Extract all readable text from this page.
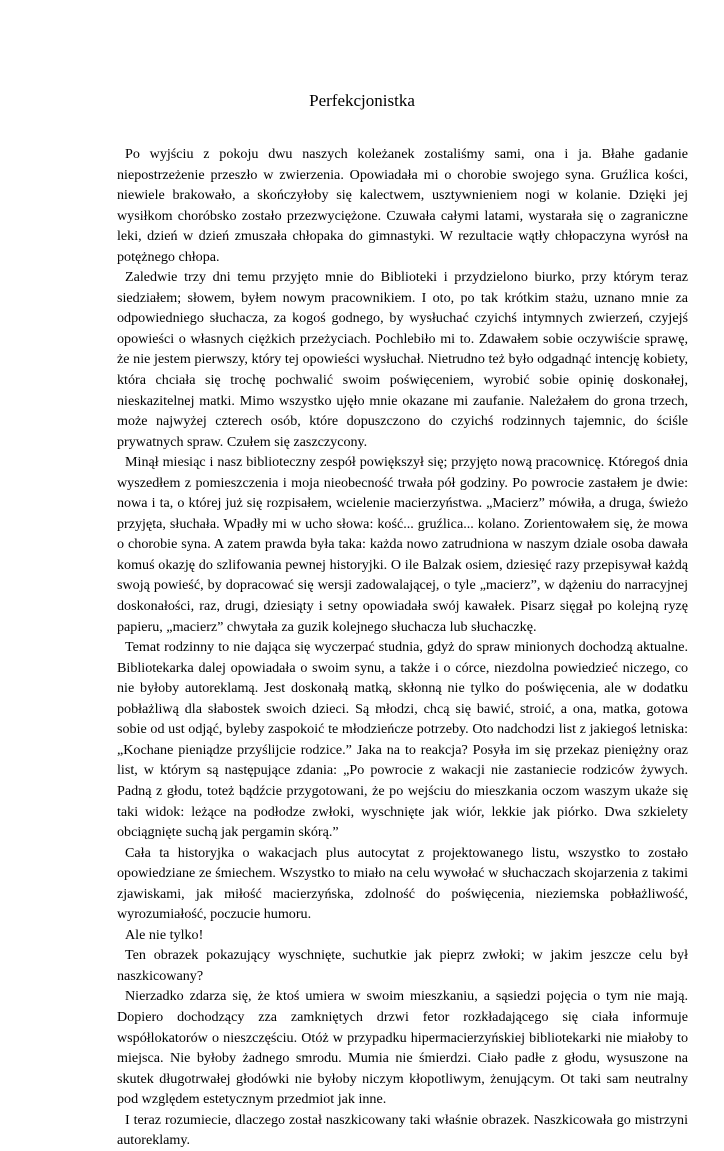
Perfekcjonistka

Po wyjściu z pokoju dwu naszych koleżanek zostaliśmy sami, ona i ja. Błahe gadanie niepostrzeżenie przeszło w zwierzenia. Opowiadała mi o chorobie swojego syna. Gruźlica kości, niewiele brakowało, a skończyłoby się kalectwem, usztywnieniem nogi w kolanie. Dzięki jej wysiłkom choróbsko zostało przezwyciężone. Czuwała całymi latami, wystarała się o zagraniczne leki, dzień w dzień zmuszała chłopaka do gimnastyki. W rezultacie wątły chłopaczyna wyrósł na potężnego chłopa.

Zaledwie trzy dni temu przyjęto mnie do Biblioteki i przydzielono biurko, przy którym teraz siedziałem; słowem, byłem nowym pracownikiem. I oto, po tak krótkim stażu, uznano mnie za odpowiedniego słuchacza, za kogoś godnego, by wysłuchać czyichś intymnych zwierzeń, czyjejś opowieści o własnych ciężkich przeżyciach. Pochlebiło mi to. Zdawałem sobie oczywiście sprawę, że nie jestem pierwszy, który tej opowieści wysłuchał. Nietrudno też było odgadnąć intencję kobiety, która chciała się trochę pochwalić swoim poświęceniem, wyrobić sobie opinię doskonałej, nieskazitelnej matki. Mimo wszystko ujęło mnie okazane mi zaufanie. Należałem do grona trzech, może najwyżej czterech osób, które dopuszczono do czyichś rodzinnych tajemnic, do ściśle prywatnych spraw. Czułem się zaszczycony.

Minął miesiąc i nasz biblioteczny zespół powiększył się; przyjęto nową pracownicę. Któregoś dnia wyszedłem z pomieszczenia i moja nieobecność trwała pół godziny. Po powrocie zastałem je dwie: nowa i ta, o której już się rozpisałem, wcielenie macierzyństwa. „Macierz” mówiła, a druga, świeżo przyjęta, słuchała. Wpadły mi w ucho słowa: kość... gruźlica... kolano. Zorientowałem się, że mowa o chorobie syna. A zatem prawda była taka: każda nowo zatrudniona w naszym dziale osoba dawała komuś okazję do szlifowania pewnej historyjki. O ile Balzak osiem, dziesięć razy przepisywał każdą swoją powieść, by dopracować się wersji zadowalającej, o tyle „macierz”, w dążeniu do narracyjnej doskonałości, raz, drugi, dziesiąty i setny opowiadała swój kawałek. Pisarz sięgał po kolejną ryzę papieru, „macierz” chwytała za guzik kolejnego słuchacza lub słuchaczkę.

Temat rodzinny to nie dająca się wyczerpać studnia, gdyż do spraw minionych dochodzą aktualne. Bibliotekarka dalej opowiadała o swoim synu, a także i o córce, niezdolna powiedzieć niczego, co nie byłoby autoreklamą. Jest doskonałą matką, skłonną nie tylko do poświęcenia, ale w dodatku pobłażliwą dla słabostek swoich dzieci. Są młodzi, chcą się bawić, stroić, a ona, matka, gotowa sobie od ust odjąć, byleby zaspokoić te młodzieńcze potrzeby. Oto nadchodzi list z jakiegoś letniska: „Kochane pieniądze przyślijcie rodzice.” Jaka na to reakcja? Posyła im się przekaz pieniężny oraz list, w którym są następujące zdania: „Po powrocie z wakacji nie zastaniecie rodziców żywych. Padną z głodu, toteż bądźcie przygotowani, że po wejściu do mieszkania oczom waszym ukaże się taki widok: leżące na podłodze zwłoki, wyschnięte jak wiór, lekkie jak piórko. Dwa szkielety obciągnięte suchą jak pergamin skórą.”

Cała ta historyjka o wakacjach plus autocytat z projektowanego listu, wszystko to zostało opowiedziane ze śmiechem. Wszystko to miało na celu wywołać w słuchaczach skojarzenia z takimi zjawiskami, jak miłość macierzyńska, zdolność do poświęcenia, nieziemska pobłażliwość, wyrozumiałość, poczucie humoru.

Ale nie tylko!

Ten obrazek pokazujący wyschnięte, suchutkie jak pieprz zwłoki; w jakim jeszcze celu był naszkicowany?

Nierzadko zdarza się, że ktoś umiera w swoim mieszkaniu, a sąsiedzi pojęcia o tym nie mają. Dopiero dochodzący zza zamkniętych drzwi fetor rozkładającego się ciała informuje współlokatorów o nieszczęściu. Otóż w przypadku hipermacierzyńskiej bibliotekarki nie miałoby to miejsca. Nie byłoby żadnego smrodu. Mumia nie śmierdzi. Ciało padłe z głodu, wysuszone na skutek długotrwałej głodówki nie byłoby niczym kłopotliwym, żenującym. Ot taki sam neutralny pod względem estetycznym przedmiot jak inne.

I teraz rozumiecie, dlaczego został naszkicowany taki właśnie obrazek. Naszkicowała go mistrzyni autoreklamy.
